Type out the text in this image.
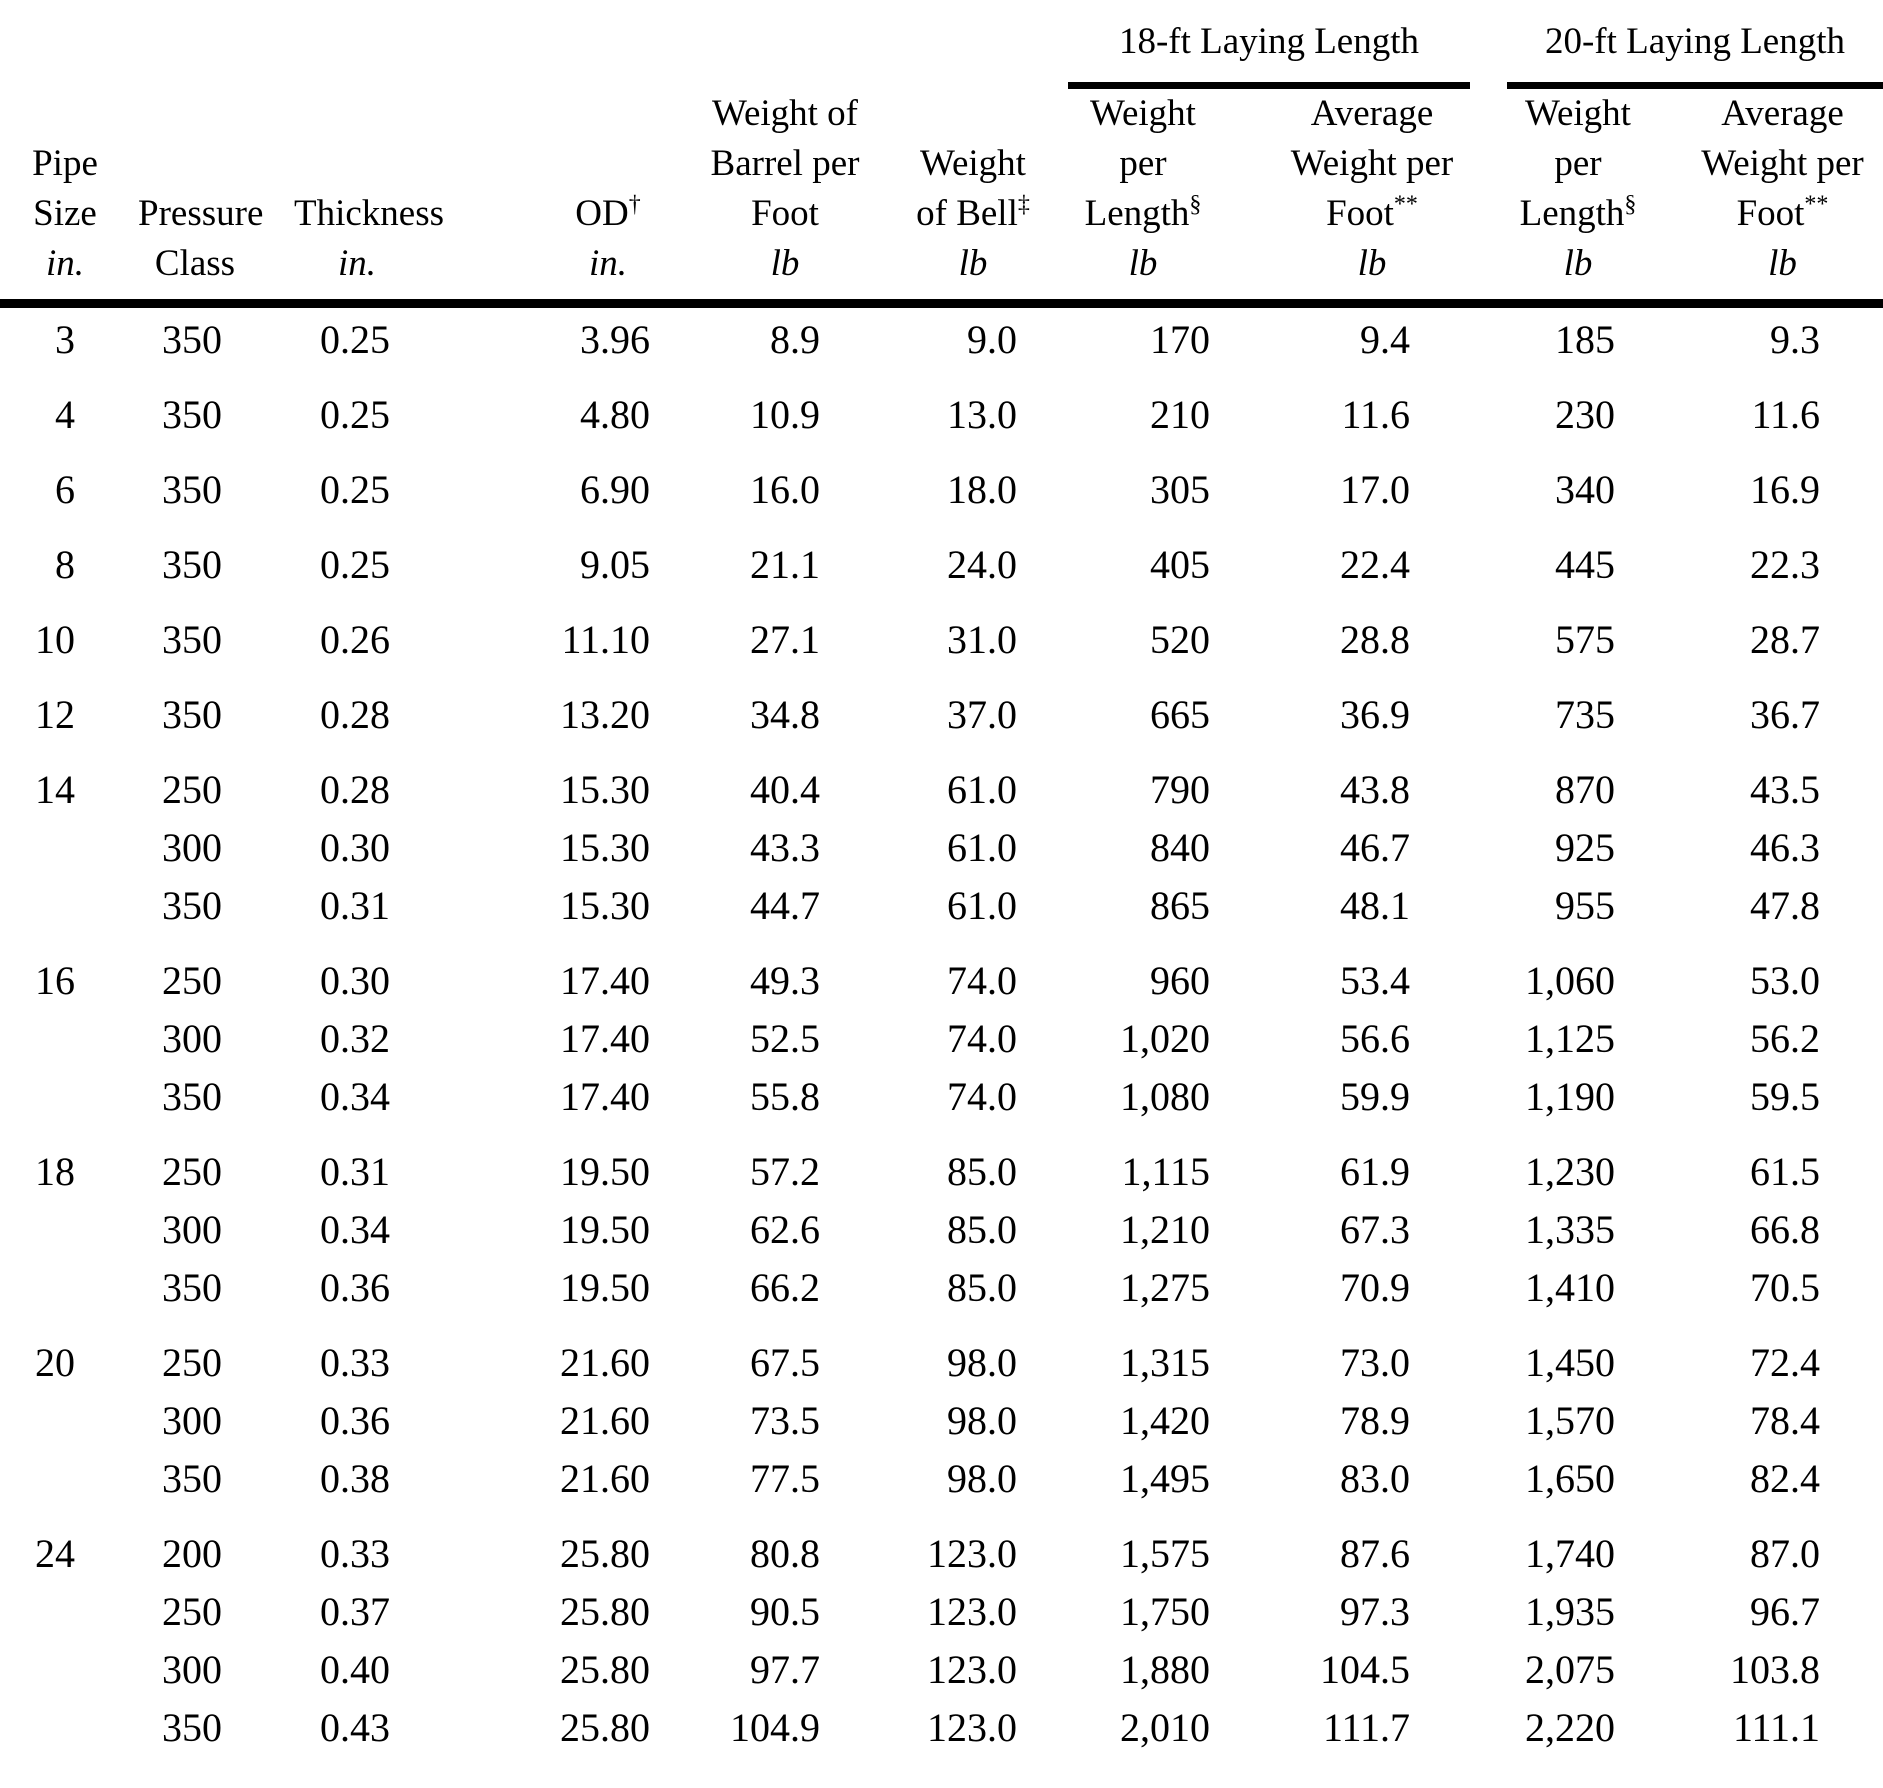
						18-ft Laying Length		20-ft Laying Length	

Pipe
Size
in.

Pressure
Class

Thickness
in.

OD†
in.

Weight of
Barrel per
Foot
lb

Weight
of Bell‡
lb

Weight
per
Length§
lb

Average
Weight per
Foot**
lb

Weight
per
Length§
lb

Average
Weight per
Foot**
lb

3	350	0.25	3.96	8.9	9.0	170	9.4	185	9.3
4	350	0.25	4.80	10.9	13.0	210	11.6	230	11.6
6	350	0.25	6.90	16.0	18.0	305	17.0	340	16.9
8	350	0.25	9.05	21.1	24.0	405	22.4	445	22.3
10	350	0.26	11.10	27.1	31.0	520	28.8	575	28.7
12	350	0.28	13.20	34.8	37.0	665	36.9	735	36.7
14	250	0.28	15.30	40.4	61.0	790	43.8	870	43.5
	300	0.30	15.30	43.3	61.0	840	46.7	925	46.3
	350	0.31	15.30	44.7	61.0	865	48.1	955	47.8
16	250	0.30	17.40	49.3	74.0	960	53.4	1,060	53.0
	300	0.32	17.40	52.5	74.0	1,020	56.6	1,125	56.2
	350	0.34	17.40	55.8	74.0	1,080	59.9	1,190	59.5
18	250	0.31	19.50	57.2	85.0	1,115	61.9	1,230	61.5
	300	0.34	19.50	62.6	85.0	1,210	67.3	1,335	66.8
	350	0.36	19.50	66.2	85.0	1,275	70.9	1,410	70.5
20	250	0.33	21.60	67.5	98.0	1,315	73.0	1,450	72.4
	300	0.36	21.60	73.5	98.0	1,420	78.9	1,570	78.4
	350	0.38	21.60	77.5	98.0	1,495	83.0	1,650	82.4
24	200	0.33	25.80	80.8	123.0	1,575	87.6	1,740	87.0
	250	0.37	25.80	90.5	123.0	1,750	97.3	1,935	96.7
	300	0.40	25.80	97.7	123.0	1,880	104.5	2,075	103.8
	350	0.43	25.80	104.9	123.0	2,010	111.7	2,220	111.1
